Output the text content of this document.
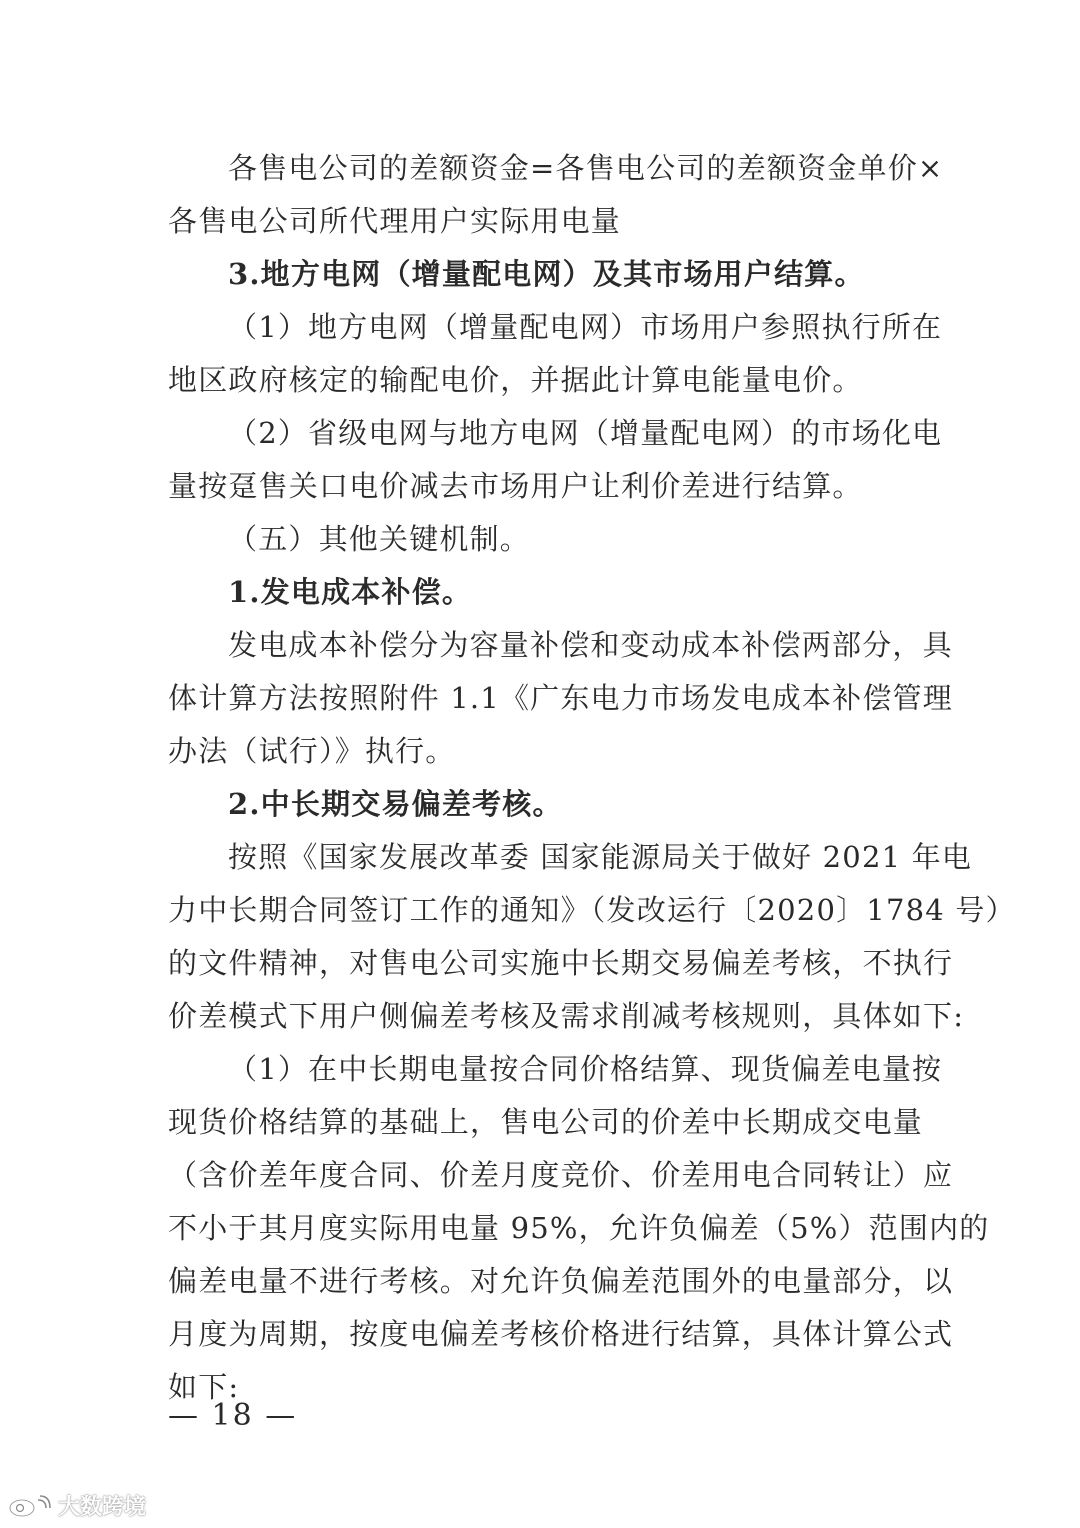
各售电公司的差额资金=各售电公司的差额资金单价×
各售电公司所代理用户实际用电量
3.地方电网（增量配电网）及其市场用户结算。
（1）地方电网（增量配电网）市场用户参照执行所在
地区政府核定的输配电价，并据此计算电能量电价。
（2）省级电网与地方电网（增量配电网）的市场化电
量按趸售关口电价减去市场用户让利价差进行结算。
（五）其他关键机制。
1.发电成本补偿。
发电成本补偿分为容量补偿和变动成本补偿两部分，具
体计算方法按照附件 1.1《广东电力市场发电成本补偿管理
办法（试行）》执行。
2.中长期交易偏差考核。
按照《国家发展改革委 国家能源局关于做好 2021 年电
力中长期合同签订工作的通知》（发改运行〔2020〕1784 号）
的文件精神，对售电公司实施中长期交易偏差考核，不执行
价差模式下用户侧偏差考核及需求削减考核规则，具体如下:
（1）在中长期电量按合同价格结算、现货偏差电量按
现货价格结算的基础上，售电公司的价差中长期成交电量
（含价差年度合同、价差月度竞价、价差用电合同转让）应
不小于其月度实际用电量 95%，允许负偏差（5%）范围内的
偏差电量不进行考核。对允许负偏差范围外的电量部分，以
月度为周期，按度电偏差考核价格进行结算，具体计算公式
如下:
— 18 —
大数跨境
